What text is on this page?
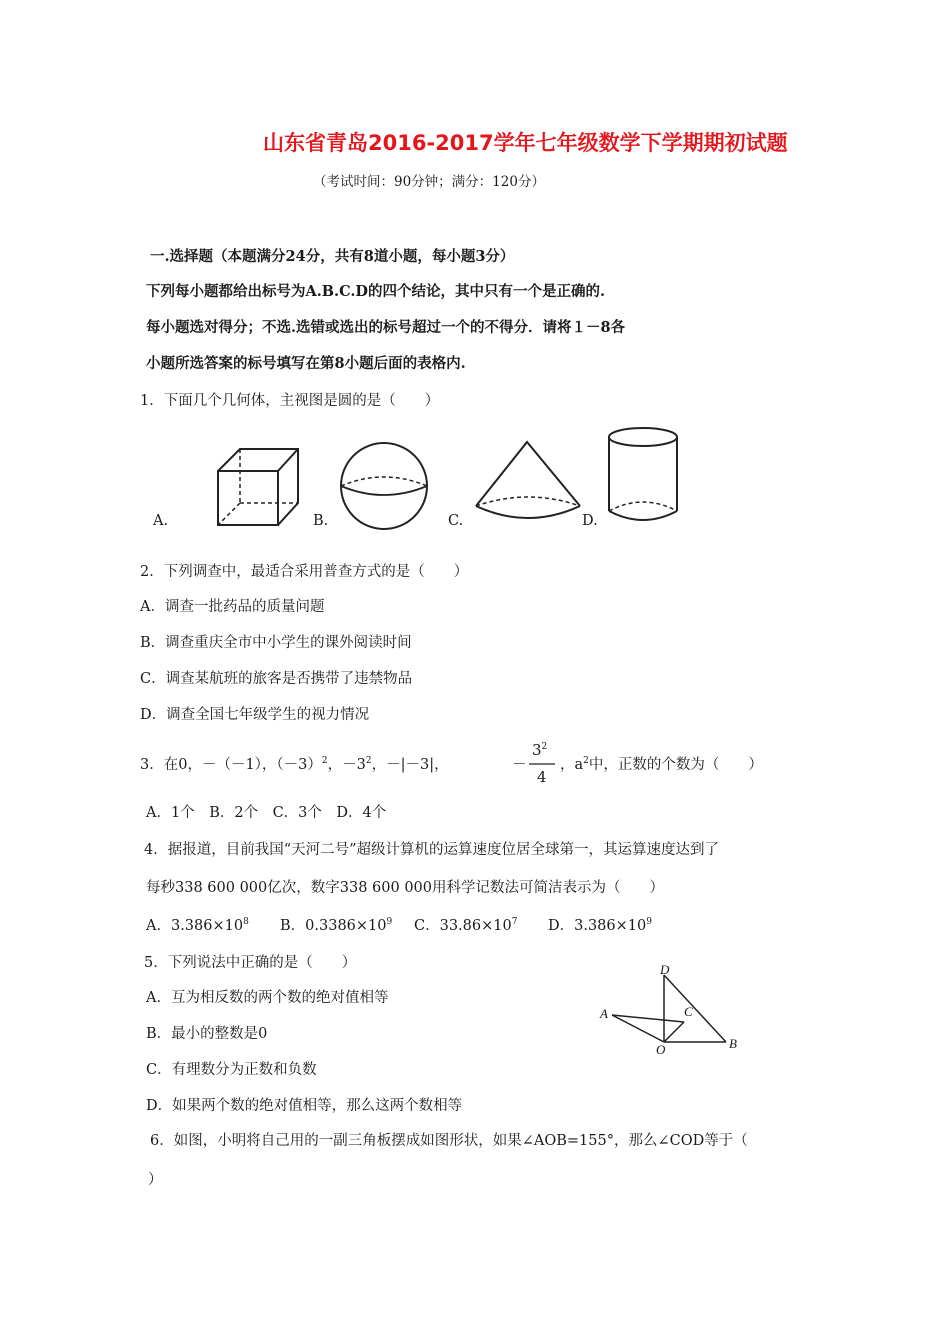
山东省青岛2016-2017学年七年级数学下学期期初试题
（考试时间：90分钟；满分：120分）
一.选择题（本题满分24分，共有8道小题，每小题3分）
下列每小题都给出标号为A.B.C.D的四个结论，其中只有一个是正确的.
每小题选对得分；不选.选错或选出的标号超过一个的不得分．请将１－8各
小题所选答案的标号填写在第8小题后面的表格内.
1．下面几个几何体，主视图是圆的是（　　）
A.	B.	C.	D.
2．下列调查中，最适合采用普查方式的是（　　）
A．调查一批药品的质量问题
B．调查重庆全市中小学生的课外阅读时间
C．调查某航班的旅客是否携带了违禁物品
D．调查全国七年级学生的视力情况
3．在0，－（－1），$(-3)^2$，$-3^2$，－|－3|，	－
$3^2$
4
，$a^2$中，正数的个数为（　　）
A．1个　B．2个　C．3个　D．4个
4．据报道，目前我国“天河二号”超级计算机的运算速度位居全球第一，其运算速度达到了
每秒338 600 000亿次，数字338 600 000用科学记数法可简洁表示为（　　）
A．$3.386\times 10^8$ B．$0.3386\times 10^9$ C．$33.86\times 10^7$ D．$3.386\times 10^9$
5．下列说法中正确的是（　　）
A．互为相反数的两个数的绝对值相等
B．最小的整数是0
C．有理数分为正数和负数
D．如果两个数的绝对值相等，那么这两个数相等
D
A	C
O	B
6．如图，小明将自己用的一副三角板摆成如图形状，如果∠AOB=155°，那么∠COD等于（
）
